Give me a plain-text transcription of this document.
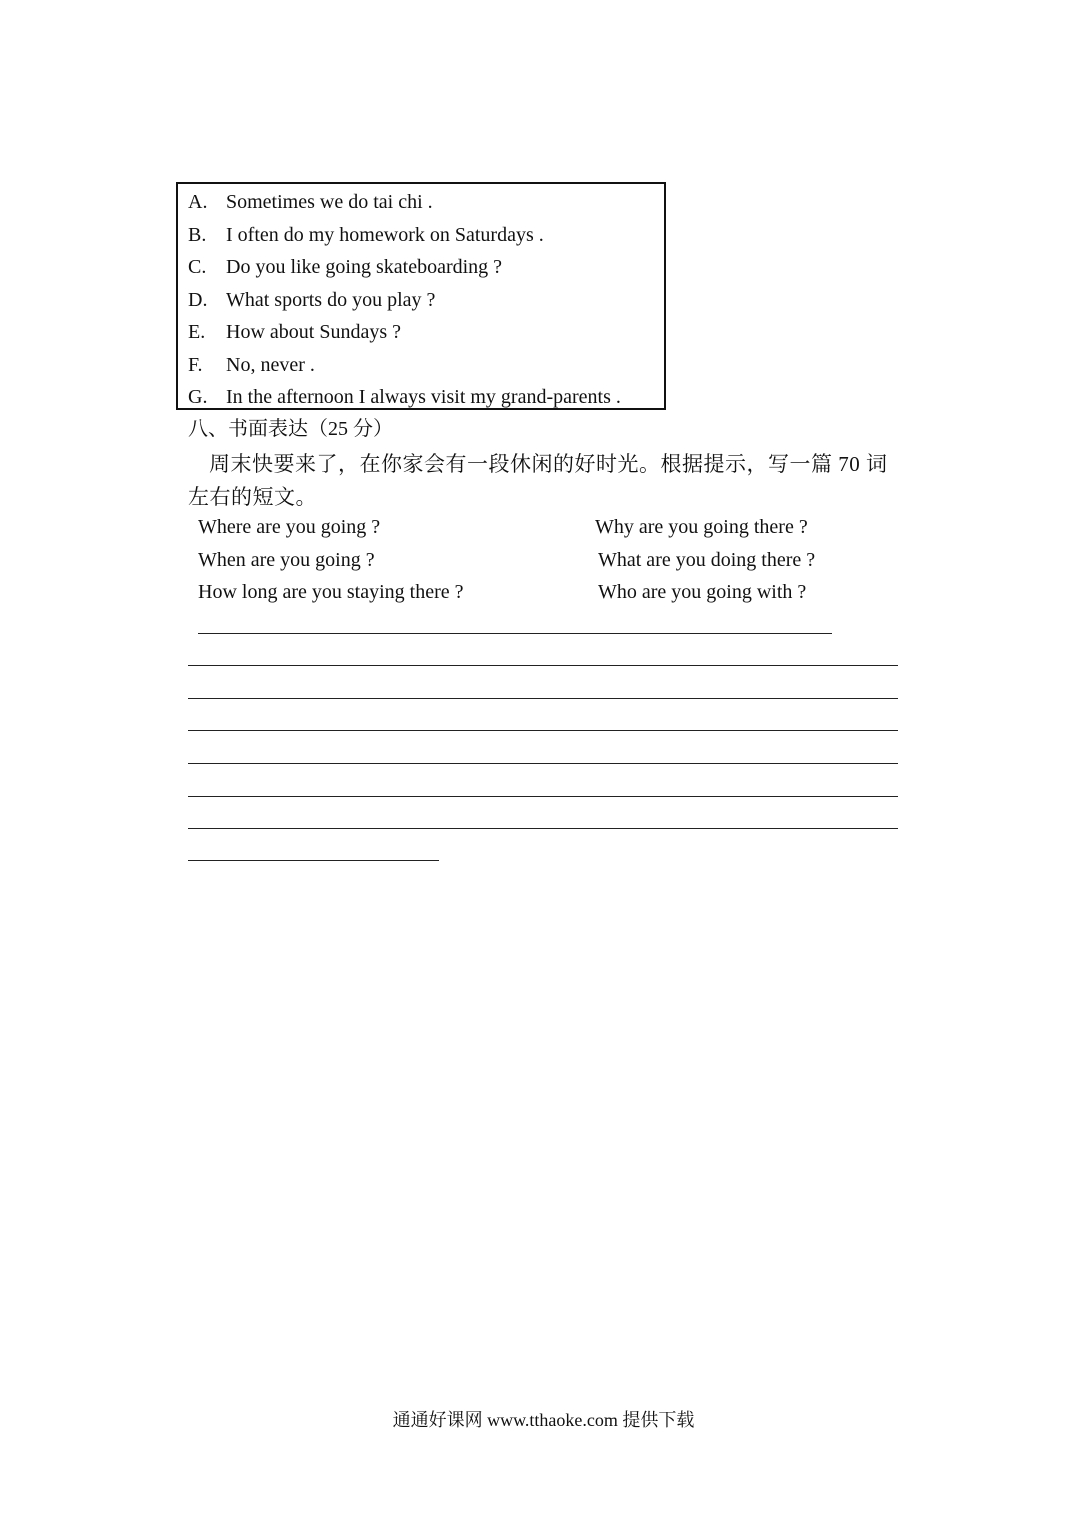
A. Sometimes we do tai chi .
B. I often do my homework on Saturdays .
C. Do you like going skateboarding ?
D. What sports do you play ?
E. How about Sundays ?
F. No, never .
G. In the afternoon I always visit my grand-parents .
八、书面表达（25 分）
周末快要来了，在你家会有一段休闲的好时光。根据提示，写一篇 70 词左右的短文。
Where are you going ?
When are you going ?
How long are you staying there ?
Why are you going there ?
What are you doing there ?
Who are you going with ?
通通好课网 www.tthaoke.com 提供下载
